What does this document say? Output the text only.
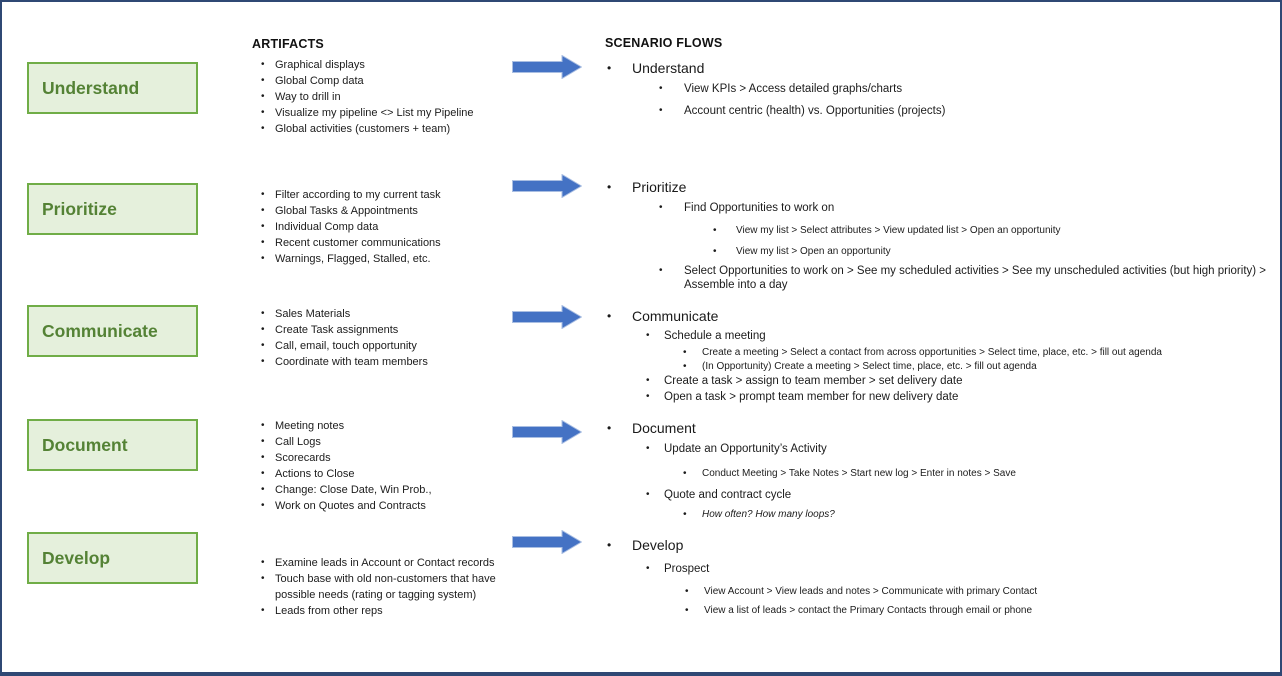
ARTIFACTS	SCENARIO FLOWS
Understand
• Graphical displays
• Global Comp data
• Way to drill in
• Visualize my pipeline <> List my Pipeline
• Global activities (customers + team)
• Understand
• View KPIs > Access detailed graphs/charts
• Account centric (health) vs. Opportunities (projects)
Prioritize
• Filter according to my current task
• Global Tasks & Appointments
• Individual Comp data
• Recent customer communications
• Warnings, Flagged, Stalled, etc.
• Prioritize
• Find Opportunities to work on
• View my list > Select attributes > View updated list > Open an opportunity
• View my list > Open an opportunity
• Select Opportunities to work on > See my scheduled activities > See my unscheduled activities (but high priority) > Assemble into a day
Communicate
• Sales Materials
• Create Task assignments
• Call, email, touch opportunity
• Coordinate with team members
• Communicate
• Schedule a meeting
• Create a meeting > Select a contact from across opportunities > Select time, place, etc. > fill out agenda
• (In Opportunity) Create a meeting > Select time, place, etc. > fill out agenda
• Create a task > assign to team member > set delivery date
• Open a task > prompt team member for new delivery date
Document
• Meeting notes
• Call Logs
• Scorecards
• Actions to Close
• Change: Close Date, Win Prob.,
• Work on Quotes and Contracts
• Document
• Update an Opportunity’s Activity
• Conduct Meeting > Take Notes > Start new log > Enter in notes > Save
• Quote and contract cycle
• How often? How many loops?
Develop	• Examine leads in Account or Contact records
• Touch base with old non-customers that have possible needs (rating or tagging system)
• Leads from other reps
• Develop
• Prospect
• View Account > View leads and notes > Communicate with primary Contact
• View a list of leads > contact the Primary Contacts through email or phone
